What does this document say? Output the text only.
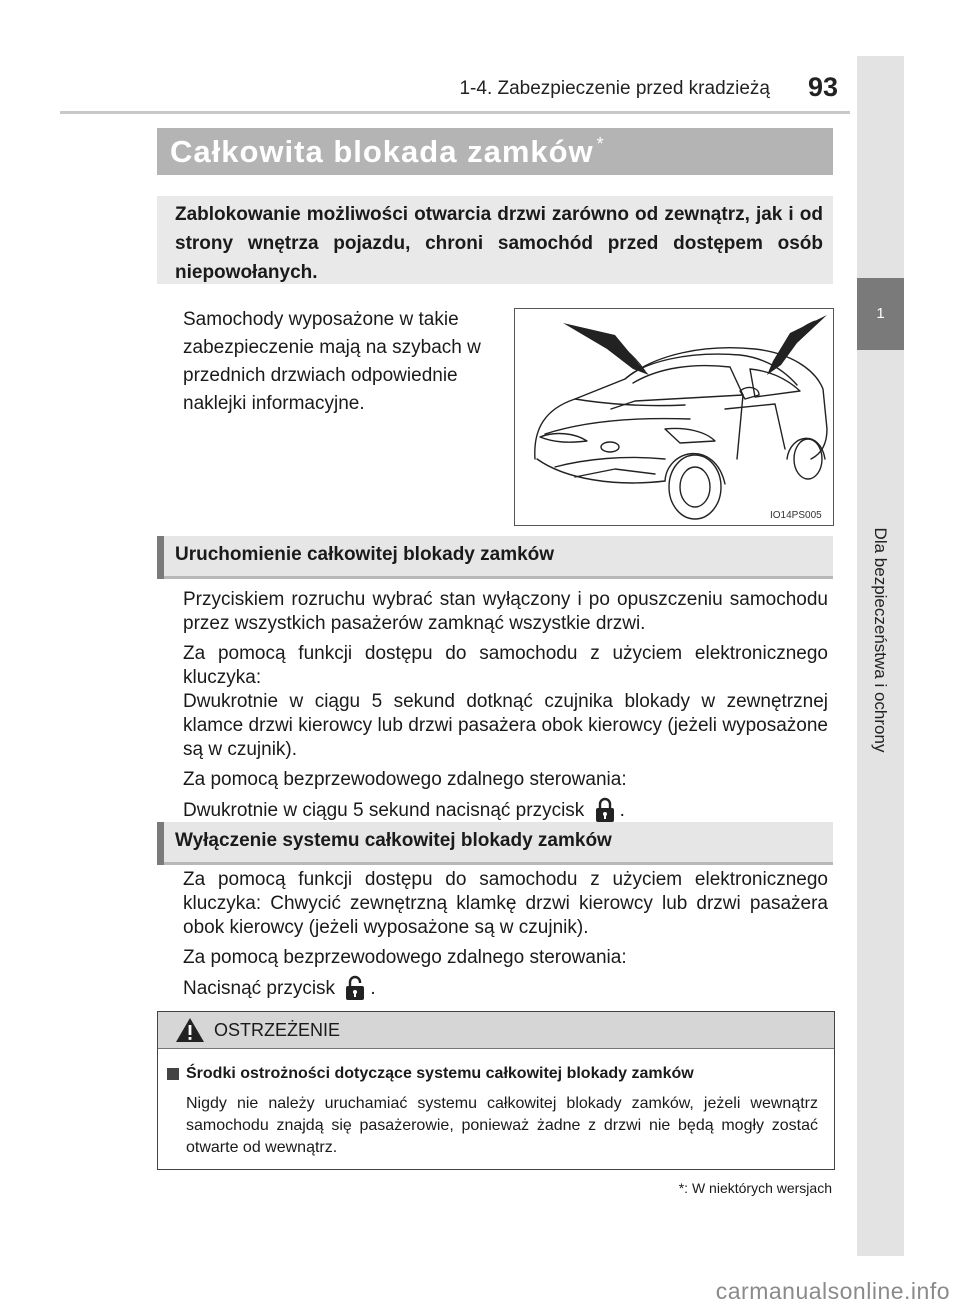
1-4. Zabezpieczenie przed kradzieżą	93
1
Dla bezpieczeństwa i ochrony
Całkowita blokada zamków *
Zablokowanie możliwości otwarcia drzwi zarówno od zewnątrz, jak i od strony wnętrza pojazdu, chroni samochód przed dostępem osób niepowołanych.
Samochody wyposażone w takie zabezpieczenie mają na szybach w przednich drzwiach odpowiednie naklejki informacyjne.
IO14PS005
Uruchomienie całkowitej blokady zamków
Przyciskiem rozruchu wybrać stan wyłączony i po opuszczeniu samochodu przez wszystkich pasażerów zamknąć wszystkie drzwi.
Za pomocą funkcji dostępu do samochodu z użyciem elektronicznego kluczyka:
Dwukrotnie w ciągu 5 sekund dotknąć czujnika blokady w zewnętrznej klamce drzwi kierowcy lub drzwi pasażera obok kierowcy (jeżeli wyposażone są w czujnik).
Za pomocą bezprzewodowego zdalnego sterowania:
Dwukrotnie w ciągu 5 sekund nacisnąć przycisk .
Wyłączenie systemu całkowitej blokady zamków
Za pomocą funkcji dostępu do samochodu z użyciem elektronicznego kluczyka: Chwycić zewnętrzną klamkę drzwi kierowcy lub drzwi pasażera obok kierowcy (jeżeli wyposażone są w czujnik).
Za pomocą bezprzewodowego zdalnego sterowania:
Nacisnąć przycisk .
OSTRZEŻENIE
Środki ostrożności dotyczące systemu całkowitej blokady zamków
Nigdy nie należy uruchamiać systemu całkowitej blokady zamków, jeżeli wewnątrz samochodu znajdą się pasażerowie, ponieważ żadne z drzwi nie będą mogły zostać otwarte od wewnątrz.
*: W niektórych wersjach
carmanualsonline.info
